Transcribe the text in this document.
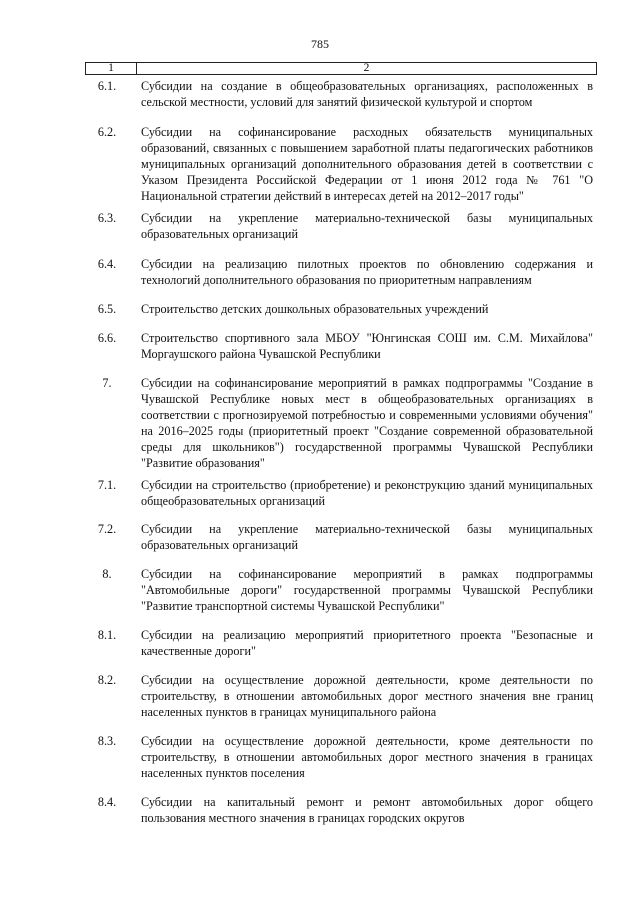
785
1	2
6.1.	Субсидии на создание в общеобразовательных организациях, расположенных в сельской местности, условий для занятий физической культурой и спортом
6.2.	Субсидии на софинансирование расходных обязательств муниципальных образований, связанных с повышением заработной платы педагогических работников муниципальных организаций дополнительного образования детей в соответствии с Указом Президента Российской Федерации от 1 июня 2012 года № 761 "О Национальной стратегии действий в интересах детей на 2012–2017 годы"
6.3.	Субсидии на укрепление материально-технической базы муниципальных образовательных организаций
6.4.	Субсидии на реализацию пилотных проектов по обновлению содержания и технологий дополнительного образования по приоритетным направлениям
6.5.	Строительство детских дошкольных образовательных учреждений
6.6.	Строительство спортивного зала МБОУ "Юнгинская СОШ им. С.М. Михайлова" Моргаушского района Чувашской Республики
7.	Субсидии на софинансирование мероприятий в рамках подпрограммы "Создание в Чувашской Республике новых мест в общеобразовательных организациях в соответствии с прогнозируемой потребностью и современными условиями обучения" на 2016–2025 годы (приоритетный проект "Создание современной образовательной среды для школьников") государственной программы Чувашской Республики "Развитие образования"
7.1.	Субсидии на строительство (приобретение) и реконструкцию зданий муниципальных общеобразовательных организаций
7.2.	Субсидии на укрепление материально-технической базы муниципальных образовательных организаций
8.	Субсидии на софинансирование мероприятий в рамках подпрограммы "Автомобильные дороги" государственной программы Чувашской Республики "Развитие транспортной системы Чувашской Республики"
8.1.	Субсидии на реализацию мероприятий приоритетного проекта "Безопасные и качественные дороги"
8.2.	Субсидии на осуществление дорожной деятельности, кроме деятельности по строительству, в отношении автомобильных дорог местного значения вне границ населенных пунктов в границах муниципального района
8.3.	Субсидии на осуществление дорожной деятельности, кроме деятельности по строительству, в отношении автомобильных дорог местного значения в границах населенных пунктов поселения
8.4.	Субсидии на капитальный ремонт и ремонт автомобильных дорог общего пользования местного значения в границах городских округов
